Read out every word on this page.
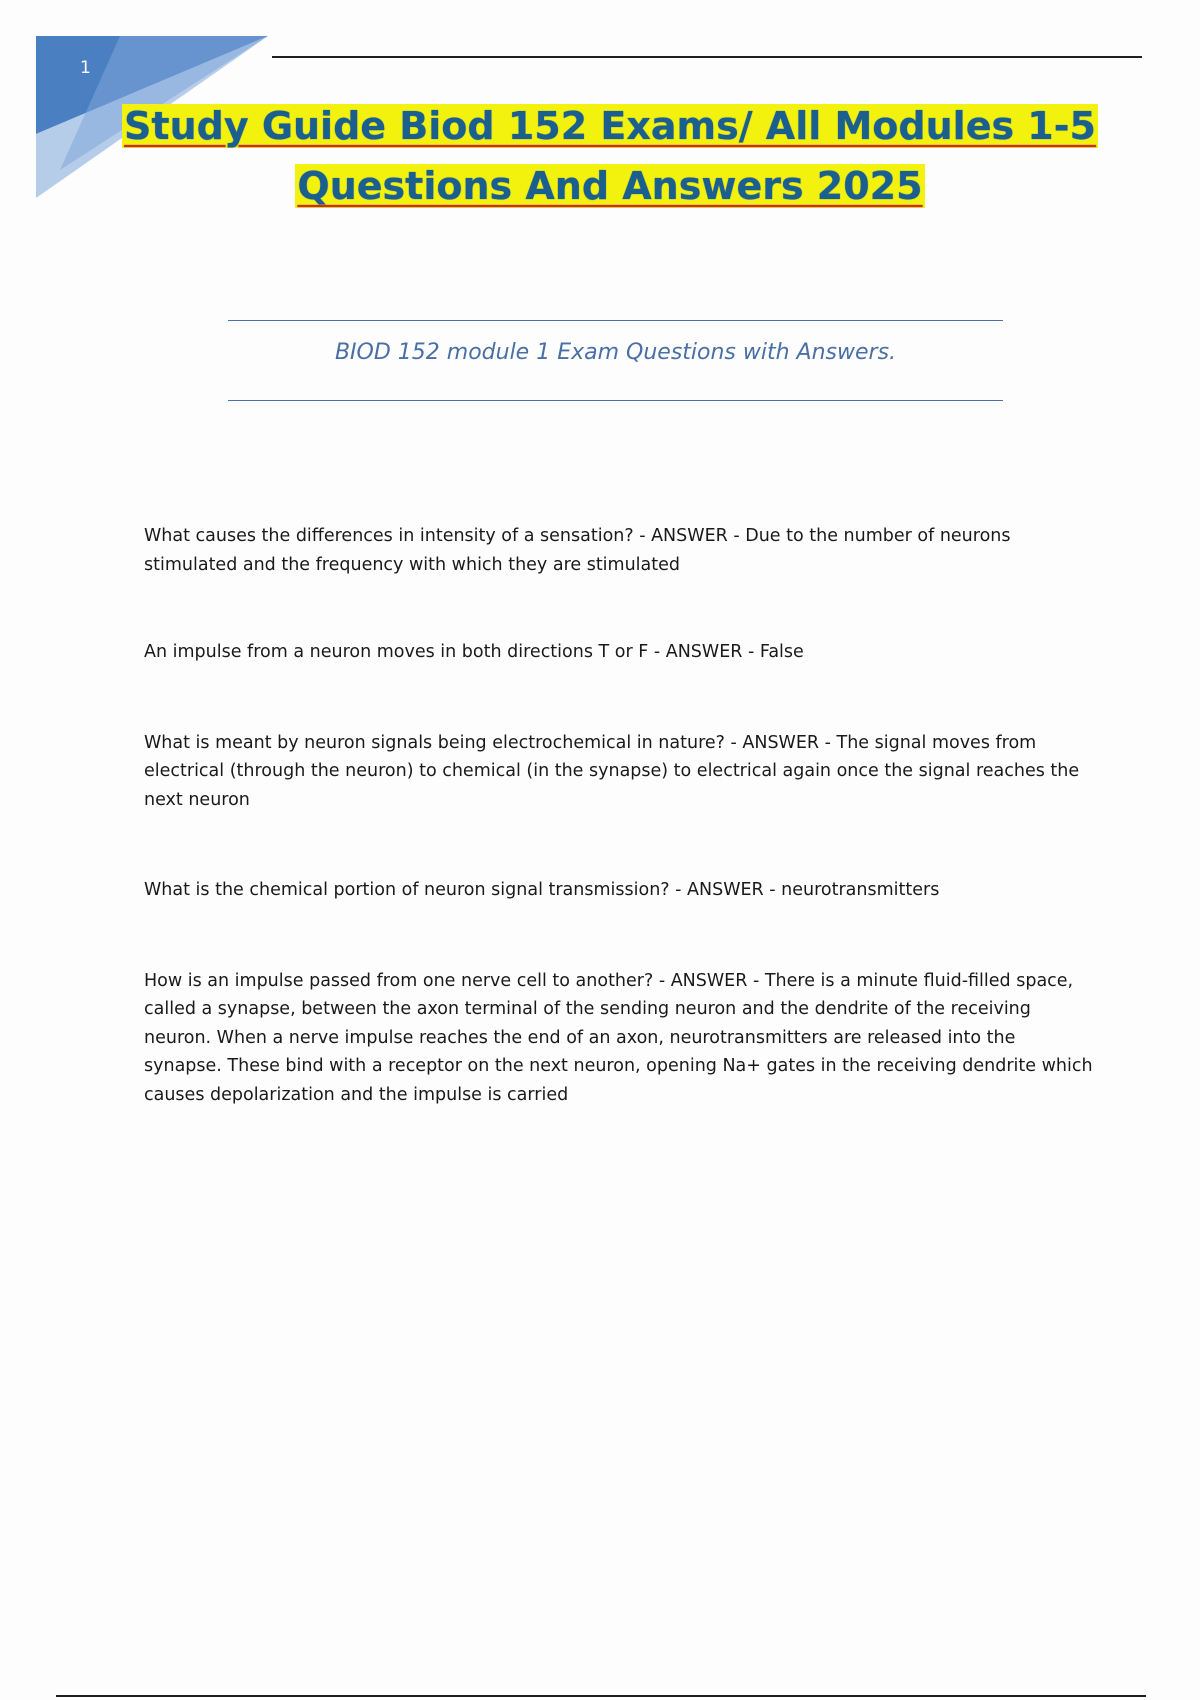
1
Study Guide Biod 152 Exams/ All Modules 1-5
Questions And Answers 2025
BIOD 152 module 1 Exam Questions with Answers.

What causes the differences in intensity of a sensation? - ANSWER - Due to the number of neurons stimulated and the frequency with which they are stimulated

An impulse from a neuron moves in both directions T or F - ANSWER - False

What is meant by neuron signals being electrochemical in nature? - ANSWER - The signal moves from electrical (through the neuron) to chemical (in the synapse) to electrical again once the signal reaches the next neuron

What is the chemical portion of neuron signal transmission? - ANSWER - neurotransmitters

How is an impulse passed from one nerve cell to another? - ANSWER - There is a minute fluid-filled space, called a synapse, between the axon terminal of the sending neuron and the dendrite of the receiving neuron. When a nerve impulse reaches the end of an axon, neurotransmitters are released into the synapse. These bind with a receptor on the next neuron, opening Na+ gates in the receiving dendrite which causes depolarization and the impulse is carried
